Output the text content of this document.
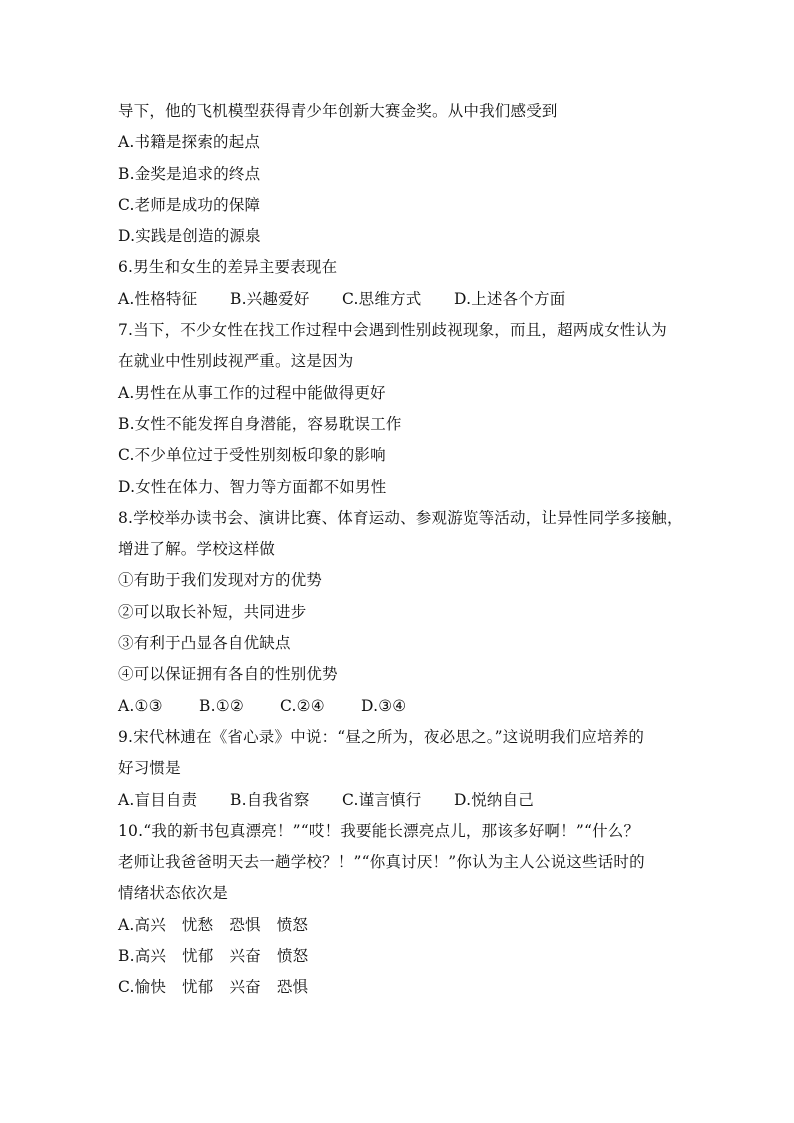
导下，他的飞机模型获得青少年创新大赛金奖。从中我们感受到
A.书籍是探索的起点
B.金奖是追求的终点
C.老师是成功的保障
D.实践是创造的源泉
6.男生和女生的差异主要表现在
A.性格特征	B.兴趣爱好	C.思维方式	D.上述各个方面
7.当下，不少女性在找工作过程中会遇到性别歧视现象，而且，超两成女性认为
在就业中性别歧视严重。这是因为
A.男性在从事工作的过程中能做得更好
B.女性不能发挥自身潜能，容易耽误工作
C.不少单位过于受性别刻板印象的影响
D.女性在体力、智力等方面都不如男性
8.学校举办读书会、演讲比赛、体育运动、参观游览等活动，让异性同学多接触，
增进了解。学校这样做
①有助于我们发现对方的优势
②可以取长补短，共同进步
③有利于凸显各自优缺点
④可以保证拥有各自的性别优势
A.①③	B.①②	C.②④	D.③④
9.宋代林逋在《省心录》中说：“昼之所为，夜必思之。”这说明我们应培养的
好习惯是
A.盲目自责	B.自我省察	C.谨言慎行	D.悦纳自己
10.“我的新书包真漂亮！”“哎！我要能长漂亮点儿，那该多好啊！”“什么？
老师让我爸爸明天去一趟学校？！”“你真讨厌！”你认为主人公说这些话时的
情绪状态依次是
A.高兴 忧愁 恐惧 愤怒
B.高兴 忧郁 兴奋 愤怒
C.愉快 忧郁 兴奋 恐惧
